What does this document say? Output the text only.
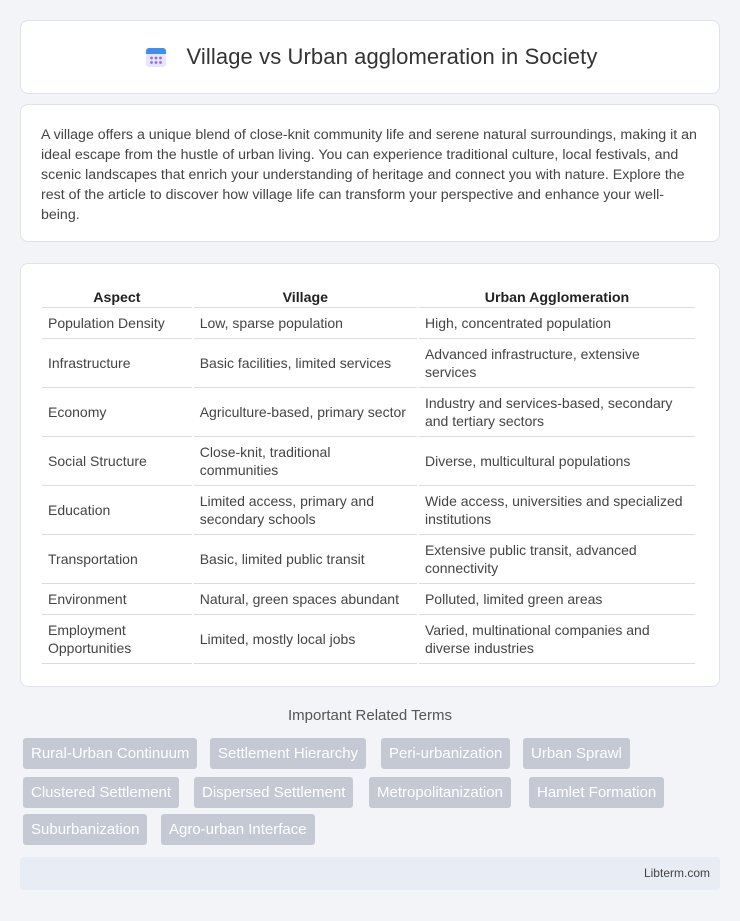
Village vs Urban agglomeration in Society

A village offers a unique blend of close-knit community life and serene natural surroundings, making it an ideal escape from the hustle of urban living. You can experience traditional culture, local festivals, and scenic landscapes that enrich your understanding of heritage and connect you with nature. Explore the rest of the article to discover how village life can transform your perspective and enhance your well-being.

Aspect	Village	Urban Agglomeration
Population Density	Low, sparse population	High, concentrated population
Infrastructure	Basic facilities, limited services	Advanced infrastructure, extensive services
Economy	Agriculture-based, primary sector	Industry and services-based, secondary and tertiary sectors
Social Structure	Close-knit, traditional communities	Diverse, multicultural populations
Education	Limited access, primary and secondary schools	Wide access, universities and specialized institutions
Transportation	Basic, limited public transit	Extensive public transit, advanced connectivity
Environment	Natural, green spaces abundant	Polluted, limited green areas
Employment Opportunities	Limited, mostly local jobs	Varied, multinational companies and diverse industries
Important Related Terms
Rural-Urban Continuum	Settlement Hierarchy	Peri-urbanization	Urban Sprawl
Clustered Settlement	Dispersed Settlement	Metropolitanization	Hamlet Formation
Suburbanization	Agro-urban Interface
Libterm.com
